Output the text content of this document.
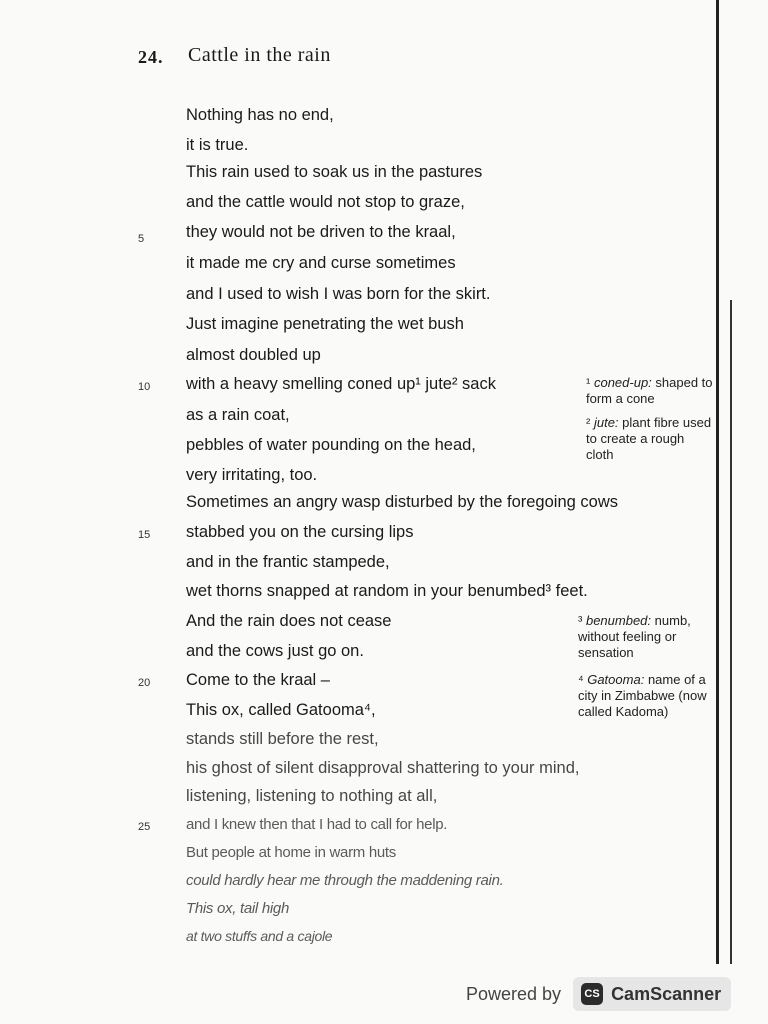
24. Cattle in the rain
Nothing has no end,
it is true.
This rain used to soak us in the pastures
and the cattle would not stop to graze,
they would not be driven to the kraal,
it made me cry and curse sometimes
and I used to wish I was born for the skirt.
Just imagine penetrating the wet bush
almost doubled up
with a heavy smelling coned up¹ jute² sack
as a rain coat,
pebbles of water pounding on the head,
very irritating, too.
Sometimes an angry wasp disturbed by the foregoing cows
stabbed you on the cursing lips
and in the frantic stampede,
wet thorns snapped at random in your benumbed³ feet.
And the rain does not cease
and the cows just go on.
Come to the kraal –
This ox, called Gatooma⁴,
stands still before the rest,
his ghost of silent disapproval shattering to your mind,
listening, listening to nothing at all,
and I knew then that I had to call for help.
But people at home in warm huts
could hardly hear me through the maddening rain.
This ox, tail high
at two stuffs and a cajole
5
10
15
20
25
¹ coned-up: shaped to form a cone
² jute: plant fibre used to create a rough cloth
³ benumbed: numb, without feeling or sensation
⁴ Gatooma: name of a city in Zimbabwe (now called Kadoma)
Powered by	CS CamScanner
